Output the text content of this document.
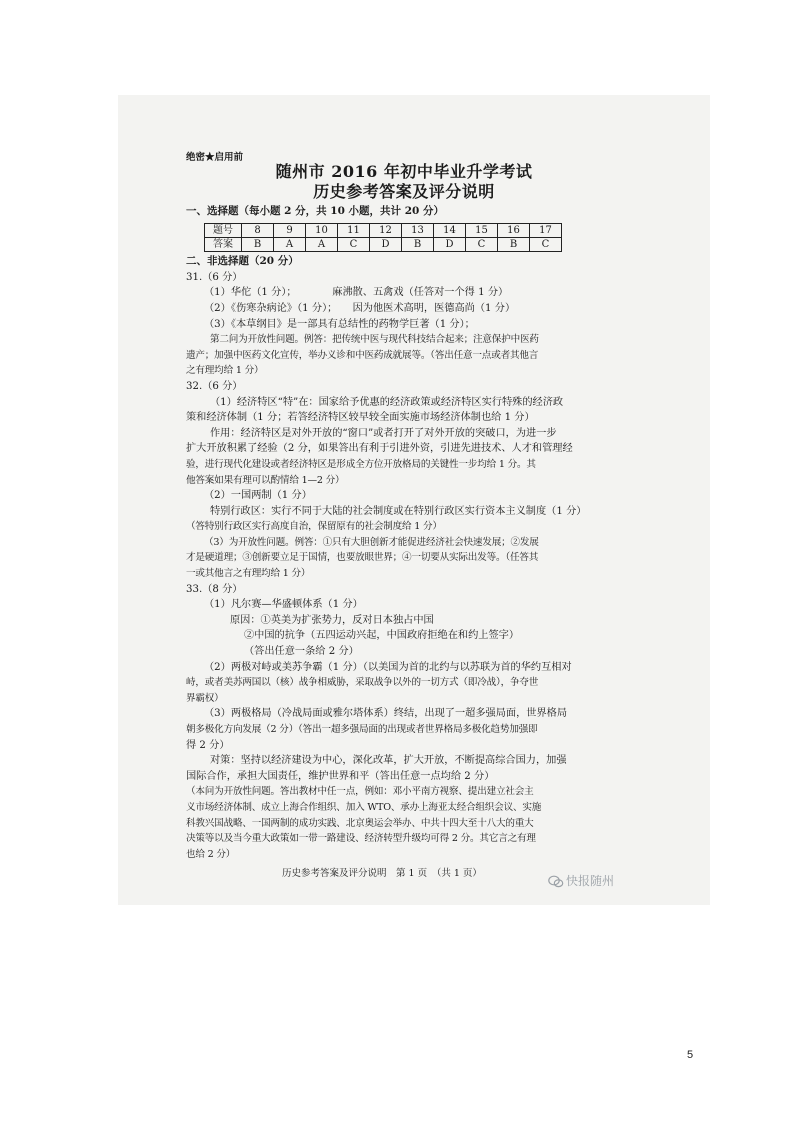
绝密★启用前
随州市 2016 年初中毕业升学考试
历史参考答案及评分说明
一、选择题（每小题 2 分，共 10 小题，共计 20 分）
题号	8	9	10	11	12	13	14	15	16	17
答案	B	A	A	C	D	B	D	C	B	C
二、非选择题（20 分）
31.（6 分）
（1）华佗（1 分）；　　　　麻沸散、五禽戏（任答对一个得 1 分）
（2）《伤寒杂病论》（1 分）；　　因为他医术高明，医德高尚（1 分）
（3）《本草纲目》是一部具有总结性的药物学巨著（1 分）；
第二问为开放性问题。例答：把传统中医与现代科技结合起来；注意保护中医药
遗产；加强中医药文化宣传，举办义诊和中医药成就展等。（答出任意一点或者其他言
之有理均给 1 分）
32.（6 分）
（1）经济特区“特”在：国家给予优惠的经济政策或经济特区实行特殊的经济政
策和经济体制（1 分；若答经济特区较早较全面实施市场经济体制也给 1 分）
作用：经济特区是对外开放的“窗口”或者打开了对外开放的突破口，为进一步
扩大开放积累了经验（2 分，如果答出有利于引进外资，引进先进技术、人才和管理经
验，进行现代化建设或者经济特区是形成全方位开放格局的关键性一步均给 1 分。其
他答案如果有理可以酌情给 1—2 分）
（2）一国两制（1 分）
特别行政区：实行不同于大陆的社会制度或在特别行政区实行资本主义制度（1 分）
（答特别行政区实行高度自治，保留原有的社会制度给 1 分）
（3）为开放性问题。例答：①只有大胆创新才能促进经济社会快速发展；②发展
才是硬道理；③创新要立足于国情，也要放眼世界；④一切要从实际出发等。（任答其
一或其他言之有理均给 1 分）
33.（8 分）
（1）凡尔赛—华盛顿体系（1 分）
原因：①英美为扩张势力，反对日本独占中国
②中国的抗争（五四运动兴起，中国政府拒绝在和约上签字）
（答出任意一条给 2 分）
（2）两极对峙或美苏争霸（1 分）（以美国为首的北约与以苏联为首的华约互相对
峙，或者美苏两国以（核）战争相威胁，采取战争以外的一切方式（即冷战），争夺世
界霸权）
（3）两极格局（冷战局面或雅尔塔体系）终结，出现了一超多强局面，世界格局
朝多极化方向发展（2 分）（答出一超多强局面的出现或者世界格局多极化趋势加强即
得 2 分）
对策：坚持以经济建设为中心，深化改革，扩大开放，不断提高综合国力，加强
国际合作，承担大国责任，维护世界和平（答出任意一点均给 2 分）
（本问为开放性问题。答出教材中任一点，例如：邓小平南方视察、提出建立社会主
义市场经济体制、成立上海合作组织、加入 WTO、承办上海亚太经合组织会议、实施
科教兴国战略、一国两制的成功实践、北京奥运会举办、中共十四大至十八大的重大
决策等以及当今重大政策如一带一路建设、经济转型升级均可得 2 分。其它言之有理
也给 2 分）
历史参考答案及评分说明　第 1 页　（共 1 页）
快报随州
5
